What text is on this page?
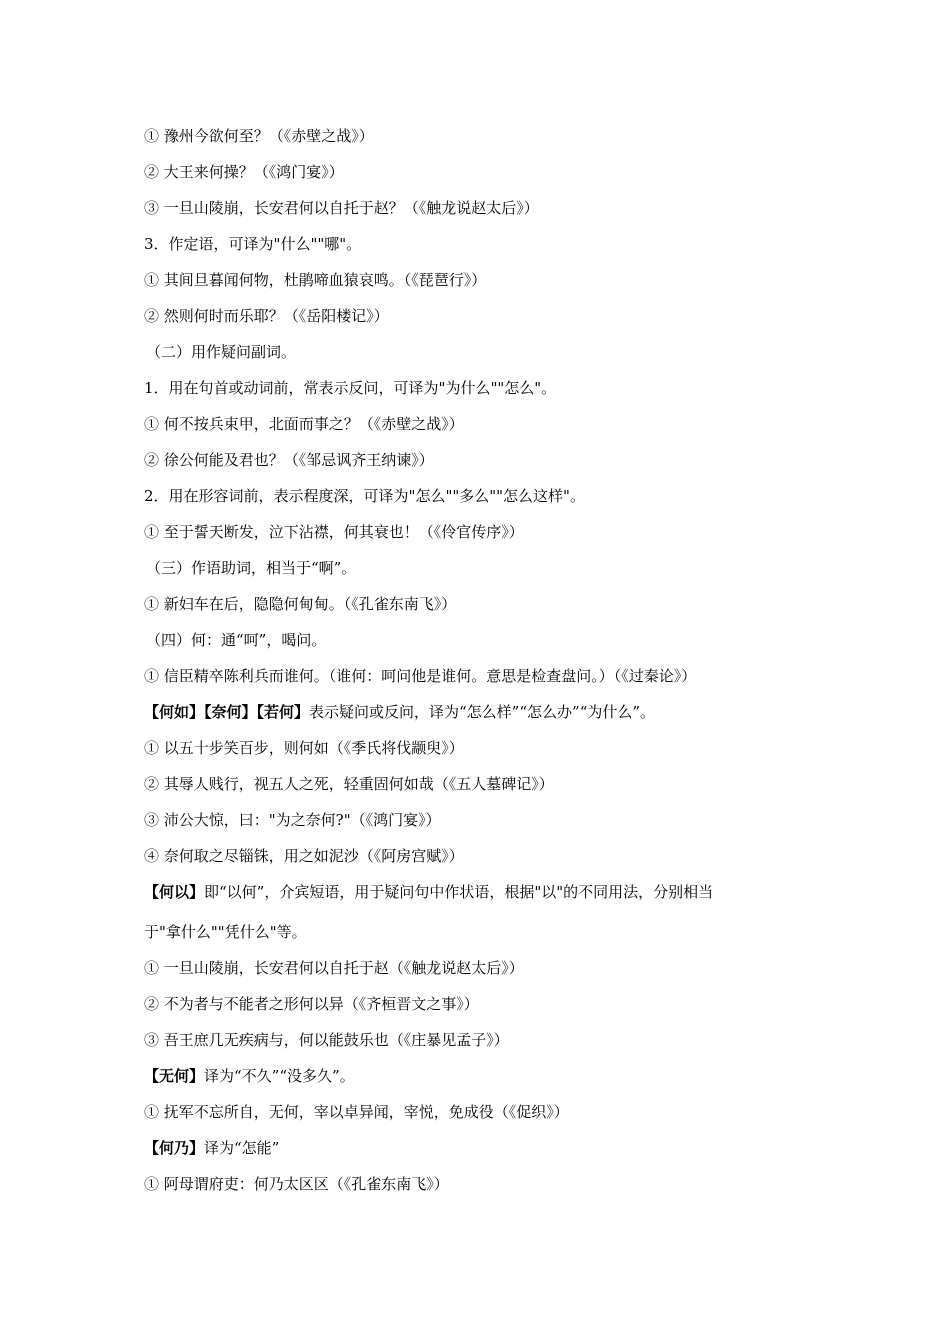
① 豫州今欲何至？（《赤壁之战》）
② 大王来何操？（《鸿门宴》）
③ 一旦山陵崩，长安君何以自托于赵？（《触龙说赵太后》）
3．作定语，可译为"什么""哪"。
① 其间旦暮闻何物，杜鹃啼血猿哀鸣。（《琵琶行》）
② 然则何时而乐耶？（《岳阳楼记》）
（二）用作疑问副词。
1．用在句首或动词前，常表示反问，可译为"为什么""怎么"。
① 何不按兵束甲，北面而事之？（《赤壁之战》）
② 徐公何能及君也？（《邹忌讽齐王纳谏》）
2．用在形容词前，表示程度深，可译为"怎么""多么""怎么这样"。
① 至于誓天断发，泣下沾襟，何其衰也！（《伶官传序》）
（三）作语助词，相当于“啊”。
① 新妇车在后，隐隐何甸甸。（《孔雀东南飞》）
（四）何：通“呵”，喝问。
① 信臣精卒陈利兵而谁何。（谁何：呵问他是谁何。意思是检查盘问。）（《过秦论》）
【何如】【奈何】【若何】表示疑问或反问，译为“怎么样”“怎么办”“为什么”。
① 以五十步笑百步，则何如（《季氏将伐颛臾》）
② 其辱人贱行，视五人之死，轻重固何如哉（《五人墓碑记》）
③ 沛公大惊，曰："为之奈何?"（《鸿门宴》）
④ 奈何取之尽锱铢，用之如泥沙（《阿房宫赋》）
【何以】即“以何”，介宾短语，用于疑问句中作状语，根据"以"的不同用法，分别相当
于"拿什么""凭什么"等。
① 一旦山陵崩，长安君何以自托于赵（《触龙说赵太后》）
② 不为者与不能者之形何以异（《齐桓晋文之事》）
③ 吾王庶几无疾病与，何以能鼓乐也（《庄暴见孟子》）
【无何】译为“不久”“没多久”。
① 抚军不忘所自，无何，宰以卓异闻，宰悦，免成役（《促织》）
【何乃】译为“怎能”
① 阿母谓府吏：何乃太区区（《孔雀东南飞》）
